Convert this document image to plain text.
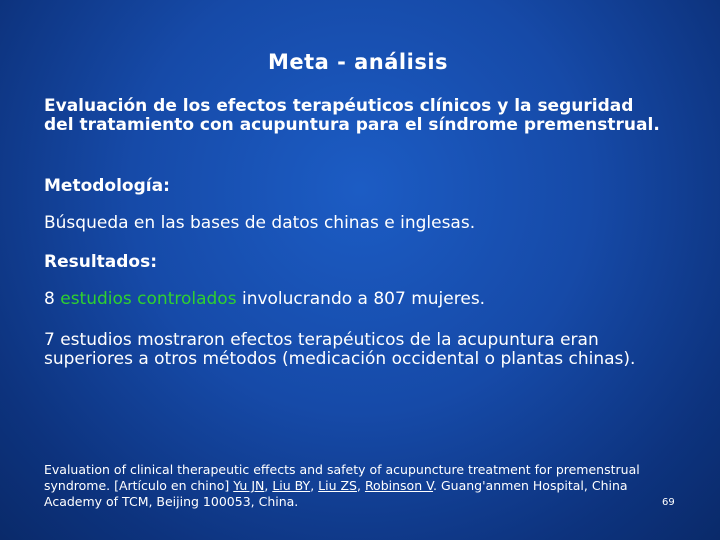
Meta - análisis
Evaluación de los efectos terapéuticos clínicos y la seguridad del tratamiento con acupuntura para el síndrome premenstrual.
Metodología:
Búsqueda en las bases de datos chinas e inglesas.
Resultados:
8 estudios controlados involucrando a 807 mujeres.
7 estudios mostraron efectos terapéuticos de la acupuntura eran superiores a otros métodos (medicación occidental o plantas chinas).
Evaluation of clinical therapeutic effects and safety of acupuncture treatment for premenstrual syndrome. [Artículo en chino] Yu JN, Liu BY, Liu ZS, Robinson V. Guang'anmen Hospital, China Academy of TCM, Beijing 100053, China.	69
